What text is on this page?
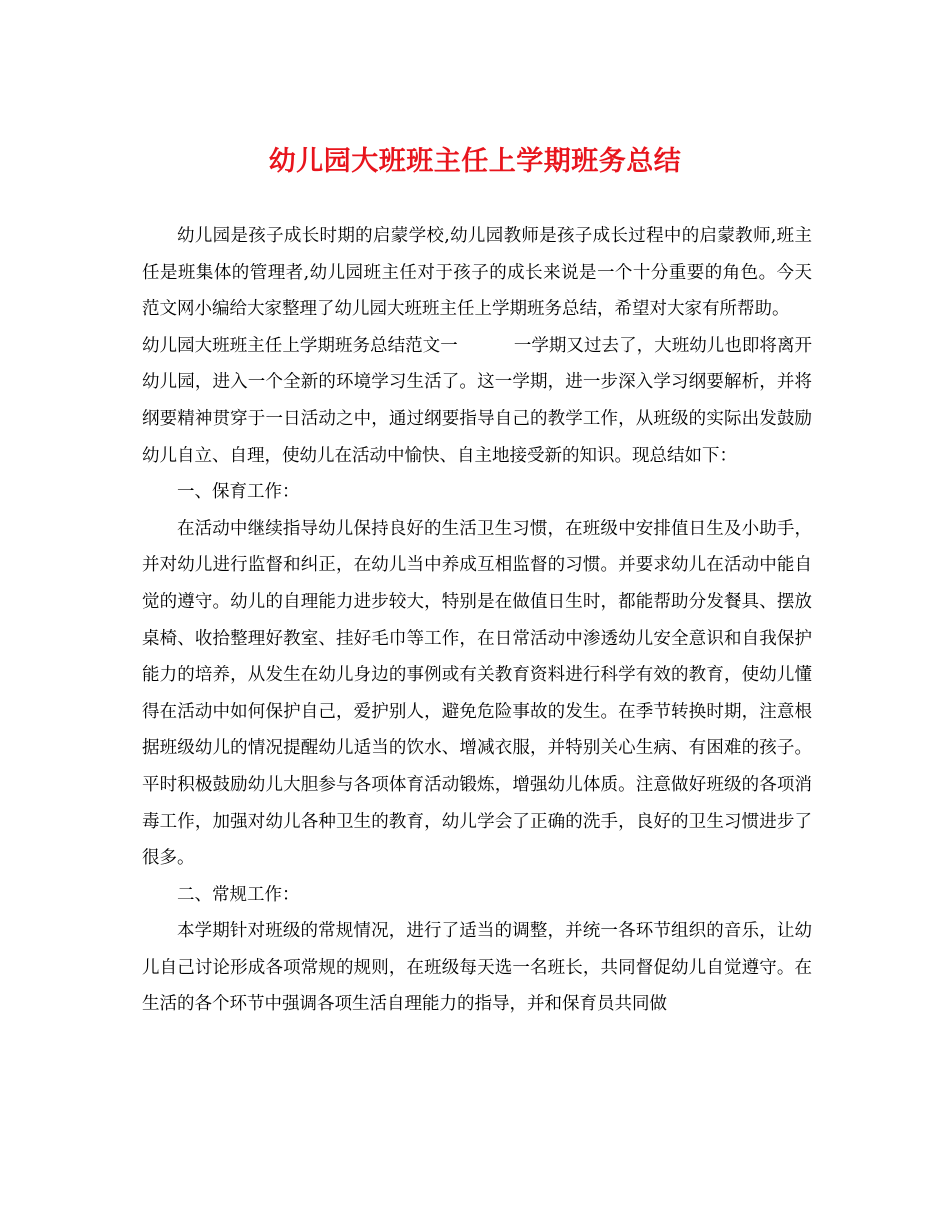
幼儿园大班班主任上学期班务总结

幼儿园是孩子成长时期的启蒙学校,幼儿园教师是孩子成长过程中的启蒙教师,班主任是班集体的管理者,幼儿园班主任对于孩子的成长来说是一个十分重要的角色。今天范文网小编给大家整理了幼儿园大班班主任上学期班务总结，希望对大家有所帮助。

幼儿园大班班主任上学期班务总结范文一	一学期又过去了，大班幼儿也即将离开幼儿园，进入一个全新的环境学习生活了。这一学期，进一步深入学习纲要解析，并将纲要精神贯穿于一日活动之中，通过纲要指导自己的教学工作，从班级的实际出发鼓励幼儿自立、自理，使幼儿在活动中愉快、自主地接受新的知识。现总结如下：

一、保育工作：

在活动中继续指导幼儿保持良好的生活卫生习惯，在班级中安排值日生及小助手，并对幼儿进行监督和纠正，在幼儿当中养成互相监督的习惯。并要求幼儿在活动中能自觉的遵守。幼儿的自理能力进步较大，特别是在做值日生时，都能帮助分发餐具、摆放桌椅、收拾整理好教室、挂好毛巾等工作，在日常活动中渗透幼儿安全意识和自我保护能力的培养，从发生在幼儿身边的事例或有关教育资料进行科学有效的教育，使幼儿懂得在活动中如何保护自己，爱护别人，避免危险事故的发生。在季节转换时期，注意根据班级幼儿的情况提醒幼儿适当的饮水、增减衣服，并特别关心生病、有困难的孩子。平时积极鼓励幼儿大胆参与各项体育活动锻炼，增强幼儿体质。注意做好班级的各项消毒工作，加强对幼儿各种卫生的教育，幼儿学会了正确的洗手，良好的卫生习惯进步了很多。

二、常规工作：

本学期针对班级的常规情况，进行了适当的调整，并统一各环节组织的音乐，让幼儿自己讨论形成各项常规的规则，在班级每天选一名班长，共同督促幼儿自觉遵守。在生活的各个环节中强调各项生活自理能力的指导，并和保育员共同做
